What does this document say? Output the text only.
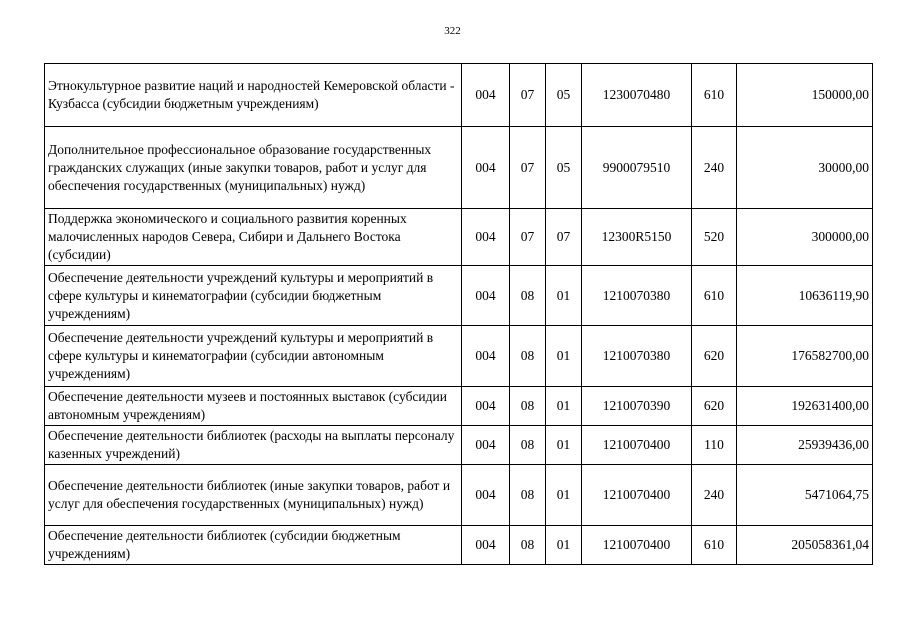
322
Этнокультурное развитие наций и народностей Кемеровской области - Кузбасса (субсидии бюджетным учреждениям)	004	07	05	1230070480	610	150000,00
Дополнительное профессиональное образование государственных гражданских служащих (иные закупки товаров, работ и услуг для обеспечения государственных (муниципальных) нужд)	004	07	05	9900079510	240	30000,00
Поддержка экономического и социального развития коренных малочисленных народов Севера, Сибири и Дальнего Востока (субсидии)	004	07	07	12300R5150	520	300000,00
Обеспечение деятельности учреждений культуры и мероприятий в сфере культуры и кинематографии (субсидии бюджетным учреждениям)	004	08	01	1210070380	610	10636119,90
Обеспечение деятельности учреждений культуры и мероприятий в сфере культуры и кинематографии (субсидии автономным учреждениям)	004	08	01	1210070380	620	176582700,00
Обеспечение деятельности музеев и постоянных выставок (субсидии автономным учреждениям)	004	08	01	1210070390	620	192631400,00
Обеспечение деятельности библиотек (расходы на выплаты персоналу казенных учреждений)	004	08	01	1210070400	110	25939436,00
Обеспечение деятельности библиотек (иные закупки товаров, работ и услуг для обеспечения государственных (муниципальных) нужд)	004	08	01	1210070400	240	5471064,75
Обеспечение деятельности библиотек (субсидии бюджетным учреждениям)	004	08	01	1210070400	610	205058361,04
